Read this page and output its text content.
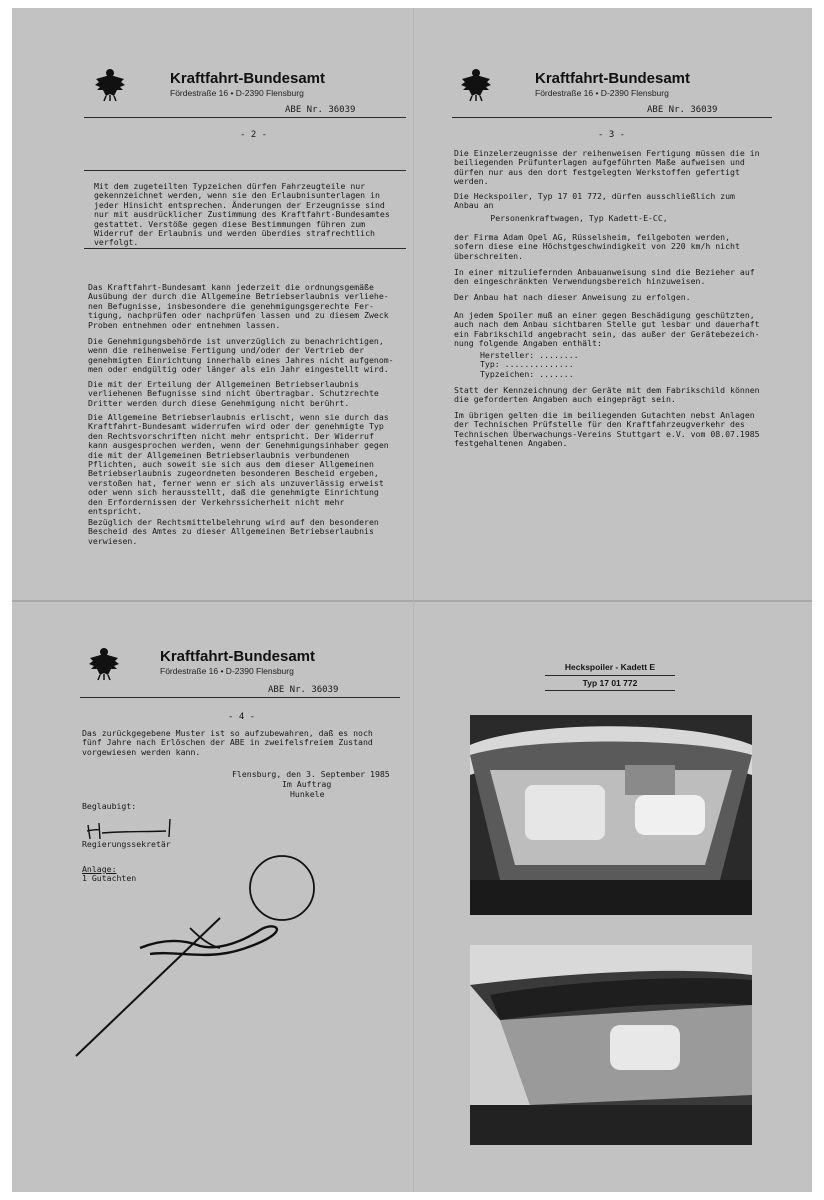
Kraftfahrt-Bundesamt
Fördestraße 16 • D-2390 Flensburg
ABE Nr. 36039
- 2 -
Mit dem zugeteilten Typzeichen dürfen Fahrzeugteile nur
gekennzeichnet werden, wenn sie den Erlaubnisunterlagen in
jeder Hinsicht entsprechen. Änderungen der Erzeugnisse sind
nur mit ausdrücklicher Zustimmung des Kraftfahrt-Bundesamtes
gestattet. Verstöße gegen diese Bestimmungen führen zum
Widerruf der Erlaubnis und werden überdies strafrechtlich
verfolgt.
Das Kraftfahrt-Bundesamt kann jederzeit die ordnungsgemäße
Ausübung der durch die Allgemeine Betriebserlaubnis verliehe-
nen Befugnisse, insbesondere die genehmigungsgerechte Fer-
tigung, nachprüfen oder nachprüfen lassen und zu diesem Zweck
Proben entnehmen oder entnehmen lassen.
Die Genehmigungsbehörde ist unverzüglich zu benachrichtigen,
wenn die reihenweise Fertigung und/oder der Vertrieb der
genehmigten Einrichtung innerhalb eines Jahres nicht aufgenom-
men oder endgültig oder länger als ein Jahr eingestellt wird.
Die mit der Erteilung der Allgemeinen Betriebserlaubnis
verliehenen Befugnisse sind nicht übertragbar. Schutzrechte
Dritter werden durch diese Genehmigung nicht berührt.
Die Allgemeine Betriebserlaubnis erlischt, wenn sie durch das
Kraftfahrt-Bundesamt widerrufen wird oder der genehmigte Typ
den Rechtsvorschriften nicht mehr entspricht. Der Widerruf
kann ausgesprochen werden, wenn der Genehmigungsinhaber gegen
die mit der Allgemeinen Betriebserlaubnis verbundenen
Pflichten, auch soweit sie sich aus dem dieser Allgemeinen
Betriebserlaubnis zugeordneten besonderen Bescheid ergeben,
verstoßen hat, ferner wenn er sich als unzuverlässig erweist
oder wenn sich herausstellt, daß die genehmigte Einrichtung
den Erfordernissen der Verkehrssicherheit nicht mehr
entspricht.
Bezüglich der Rechtsmittelbelehrung wird auf den besonderen
Bescheid des Amtes zu dieser Allgemeinen Betriebserlaubnis
verwiesen.
Kraftfahrt-Bundesamt
Fördestraße 16 • D-2390 Flensburg
ABE Nr. 36039
- 3 -
Die Einzelerzeugnisse der reihenweisen Fertigung müssen die in
beiliegenden Prüfunterlagen aufgeführten Maße aufweisen und
dürfen nur aus den dort festgelegten Werkstoffen gefertigt
werden.
Die Heckspoiler, Typ 17 01 772, dürfen ausschließlich zum
Anbau an
Personenkraftwagen, Typ Kadett-E-CC,
der Firma Adam Opel AG, Rüsselsheim, feilgeboten werden,
sofern diese eine Höchstgeschwindigkeit von 220 km/h nicht
überschreiten.
In einer mitzuliefernden Anbauanweisung sind die Bezieher auf
den eingeschränkten Verwendungsbereich hinzuweisen.
Der Anbau hat nach dieser Anweisung zu erfolgen.
An jedem Spoiler muß an einer gegen Beschädigung geschützten,
auch nach dem Anbau sichtbaren Stelle gut lesbar und dauerhaft
ein Fabrikschild angebracht sein, das außer der Gerätebezeich-
nung folgende Angaben enthält:
Hersteller: ........
Typ: ..............
Typzeichen: .......
Statt der Kennzeichnung der Geräte mit dem Fabrikschild können
die geforderten Angaben auch eingeprägt sein.
Im übrigen gelten die im beiliegenden Gutachten nebst Anlagen
der Technischen Prüfstelle für den Kraftfahrzeugverkehr des
Technischen Überwachungs-Vereins Stuttgart e.V. vom 08.07.1985
festgehaltenen Angaben.
Kraftfahrt-Bundesamt
Fördestraße 16 • D-2390 Flensburg
ABE Nr. 36039
- 4 -
Das zurückgegebene Muster ist so aufzubewahren, daß es noch
fünf Jahre nach Erlöschen der ABE in zweifelsfreiem Zustand
vorgewiesen werden kann.
Flensburg, den 3. September 1985
Im Auftrag
Hunkele
Beglaubigt:
Regierungssekretär
Anlage:
1 Gutachten
Heckspoiler - Kadett E
Typ 17 01 772
